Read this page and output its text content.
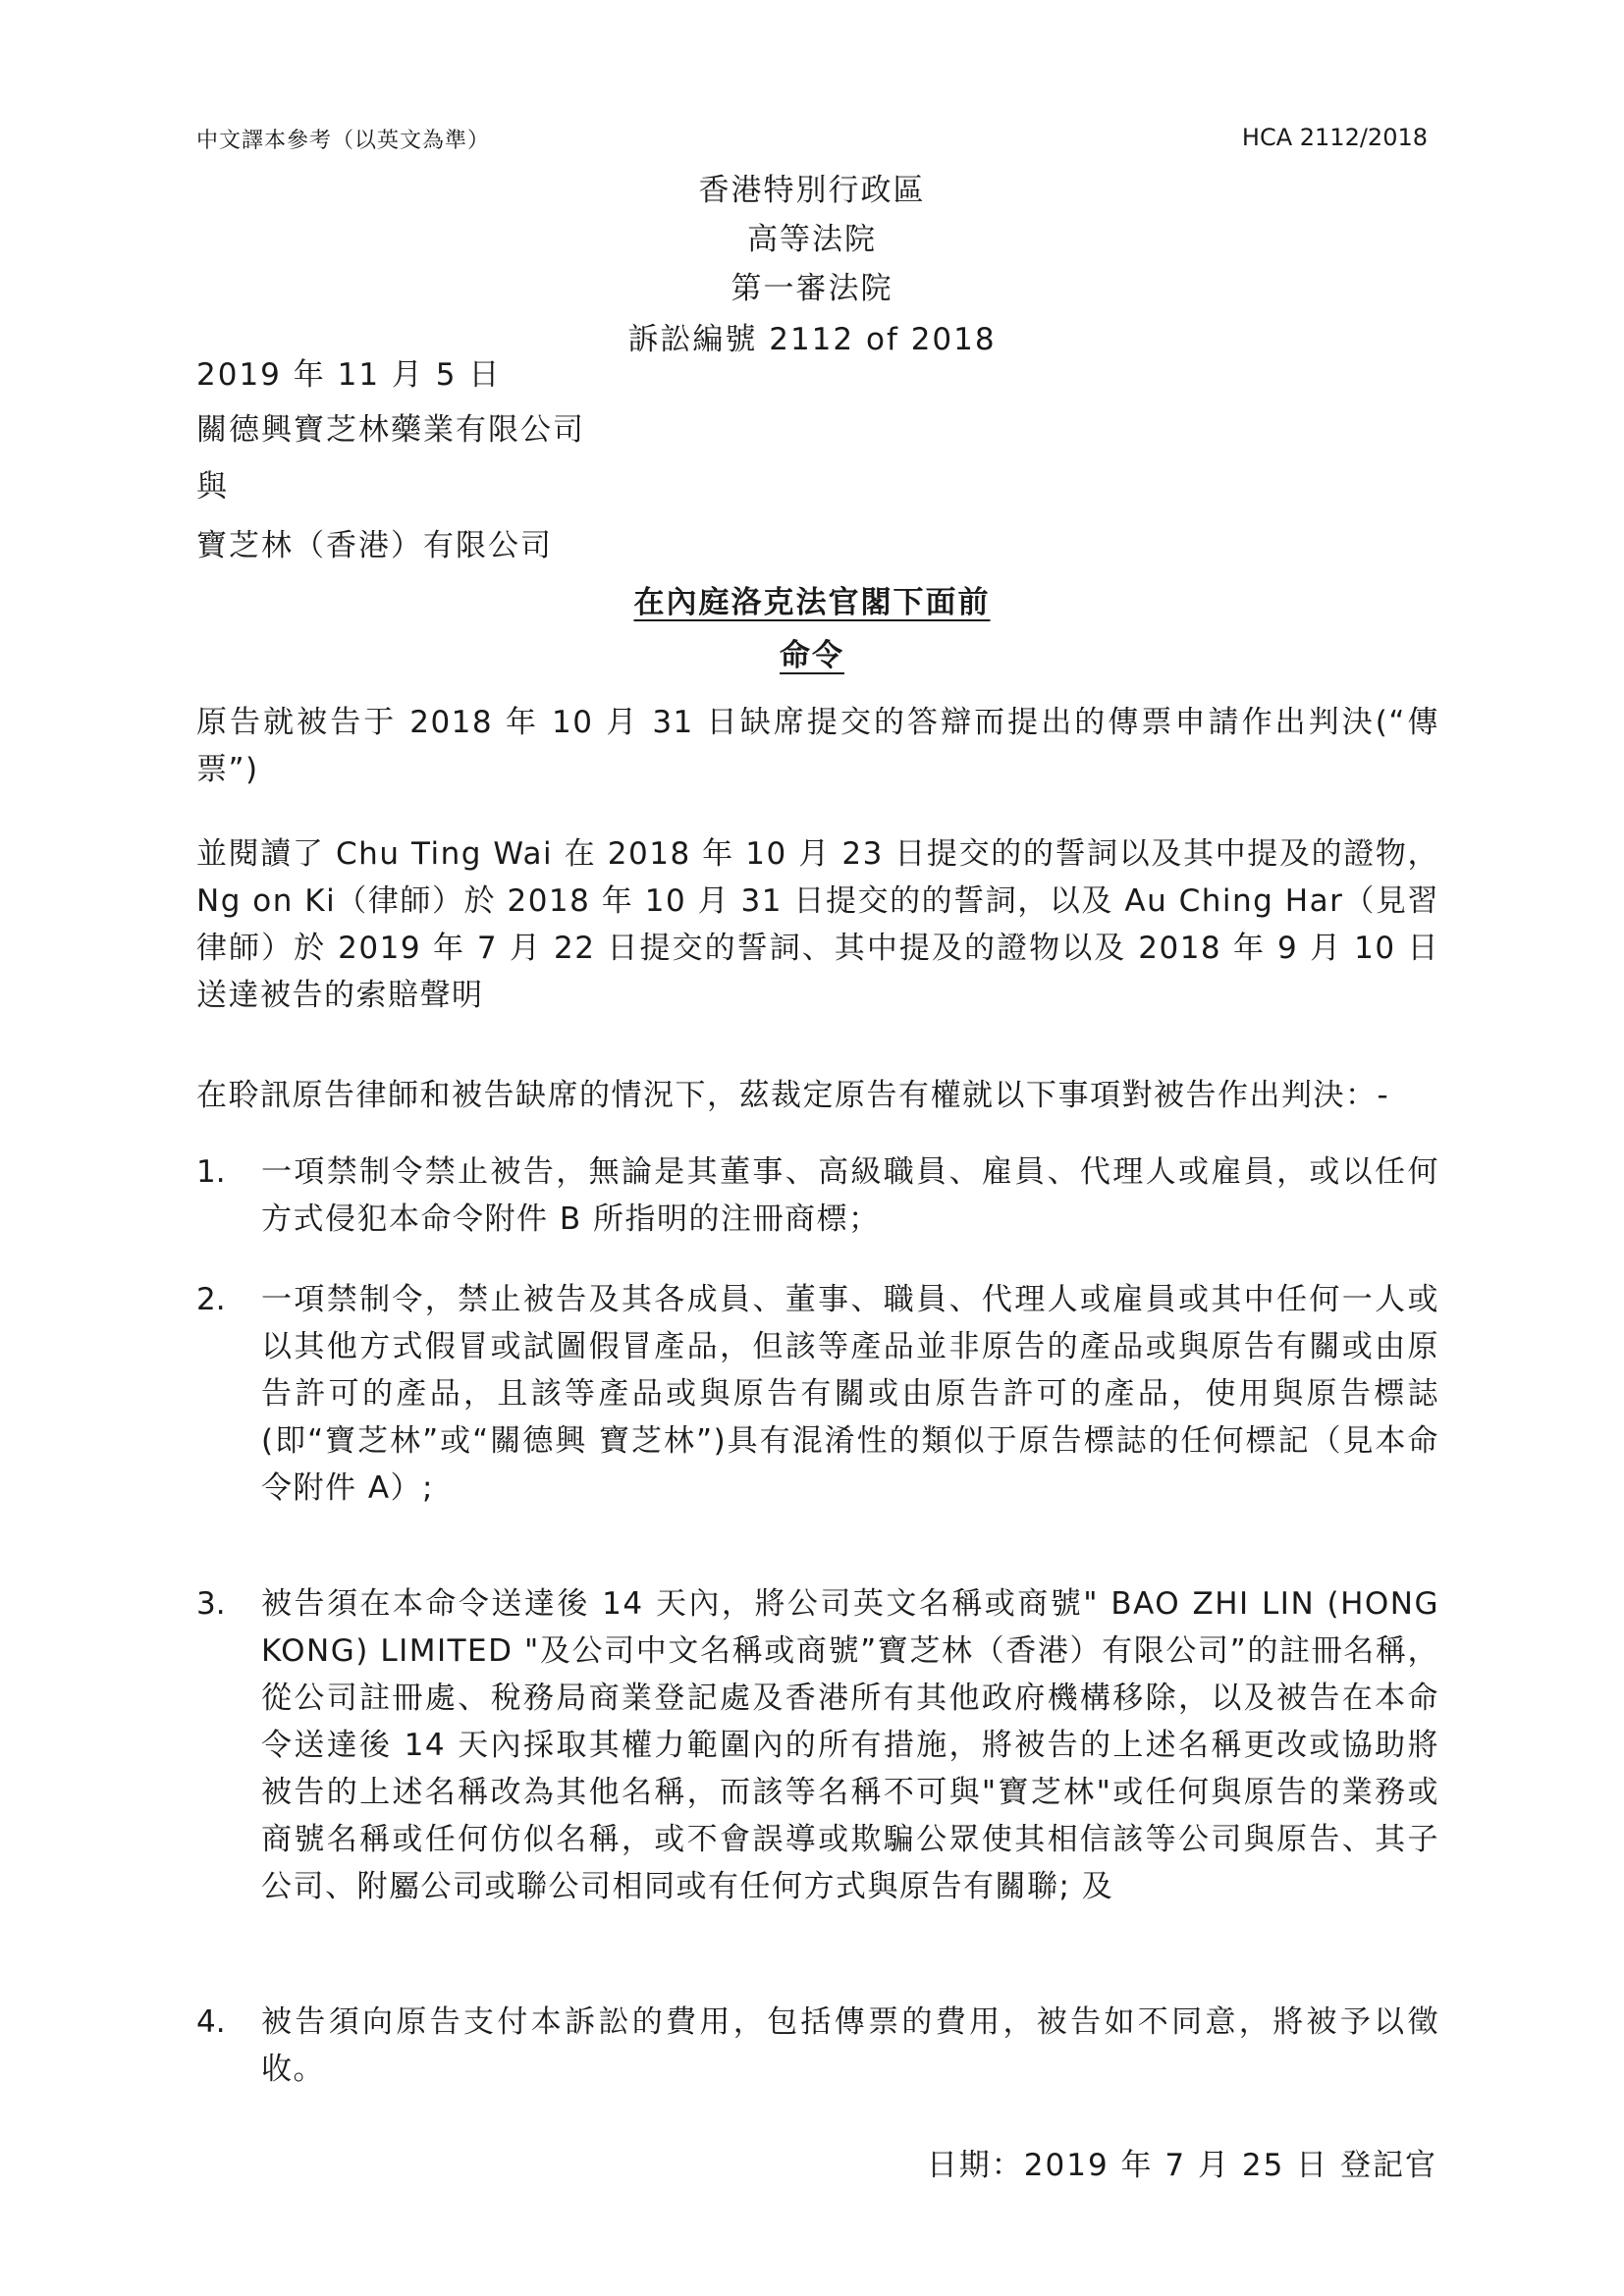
中文譯本參考（以英文為準）	HCA 2112/2018
香港特別行政區
高等法院
第一審法院
訴訟編號 2112 of 2018
2019 年 11 月 5 日
關德興寶芝林藥業有限公司
與
寶芝林（香港）有限公司
在內庭洛克法官閣下面前
命令
原告就被告于 2018 年 10 月 31 日缺席提交的答辯而提出的傳票申請作出判決(“傳票”)
並閱讀了 Chu Ting Wai 在 2018 年 10 月 23 日提交的的誓詞以及其中提及的證物，Ng on Ki（律師）於 2018 年 10 月 31 日提交的的誓詞，以及 Au Ching Har（見習律師）於 2019 年 7 月 22 日提交的誓詞、其中提及的證物以及 2018 年 9 月 10 日送達被告的索賠聲明
在聆訊原告律師和被告缺席的情況下，茲裁定原告有權就以下事項對被告作出判決：-
1. 一項禁制令禁止被告，無論是其董事、高級職員、雇員、代理人或雇員，或以任何方式侵犯本命令附件 B 所指明的注冊商標；
2. 一項禁制令，禁止被告及其各成員、董事、職員、代理人或雇員或其中任何一人或以其他方式假冒或試圖假冒產品，但該等產品並非原告的產品或與原告有關或由原告許可的產品，且該等產品或與原告有關或由原告許可的產品，使用與原告標誌(即“寶芝林”或“關德興 寶芝林”)具有混淆性的類似于原告標誌的任何標記（見本命令附件 A）;
3. 被告須在本命令送達後 14 天內，將公司英文名稱或商號" BAO ZHI LIN (HONG KONG) LIMITED "及公司中文名稱或商號”寶芝林（香港）有限公司”的註冊名稱，從公司註冊處、稅務局商業登記處及香港所有其他政府機構移除，以及被告在本命令送達後 14 天內採取其權力範圍內的所有措施，將被告的上述名稱更改或協助將被告的上述名稱改為其他名稱，而該等名稱不可與"寶芝林"或任何與原告的業務或商號名稱或任何仿似名稱，或不會誤導或欺騙公眾使其相信該等公司與原告、其子公司、附屬公司或聯公司相同或有任何方式與原告有關聯; 及
4. 被告須向原告支付本訴訟的費用，包括傳票的費用，被告如不同意，將被予以徵收。
日期：2019 年 7 月 25 日 登記官
